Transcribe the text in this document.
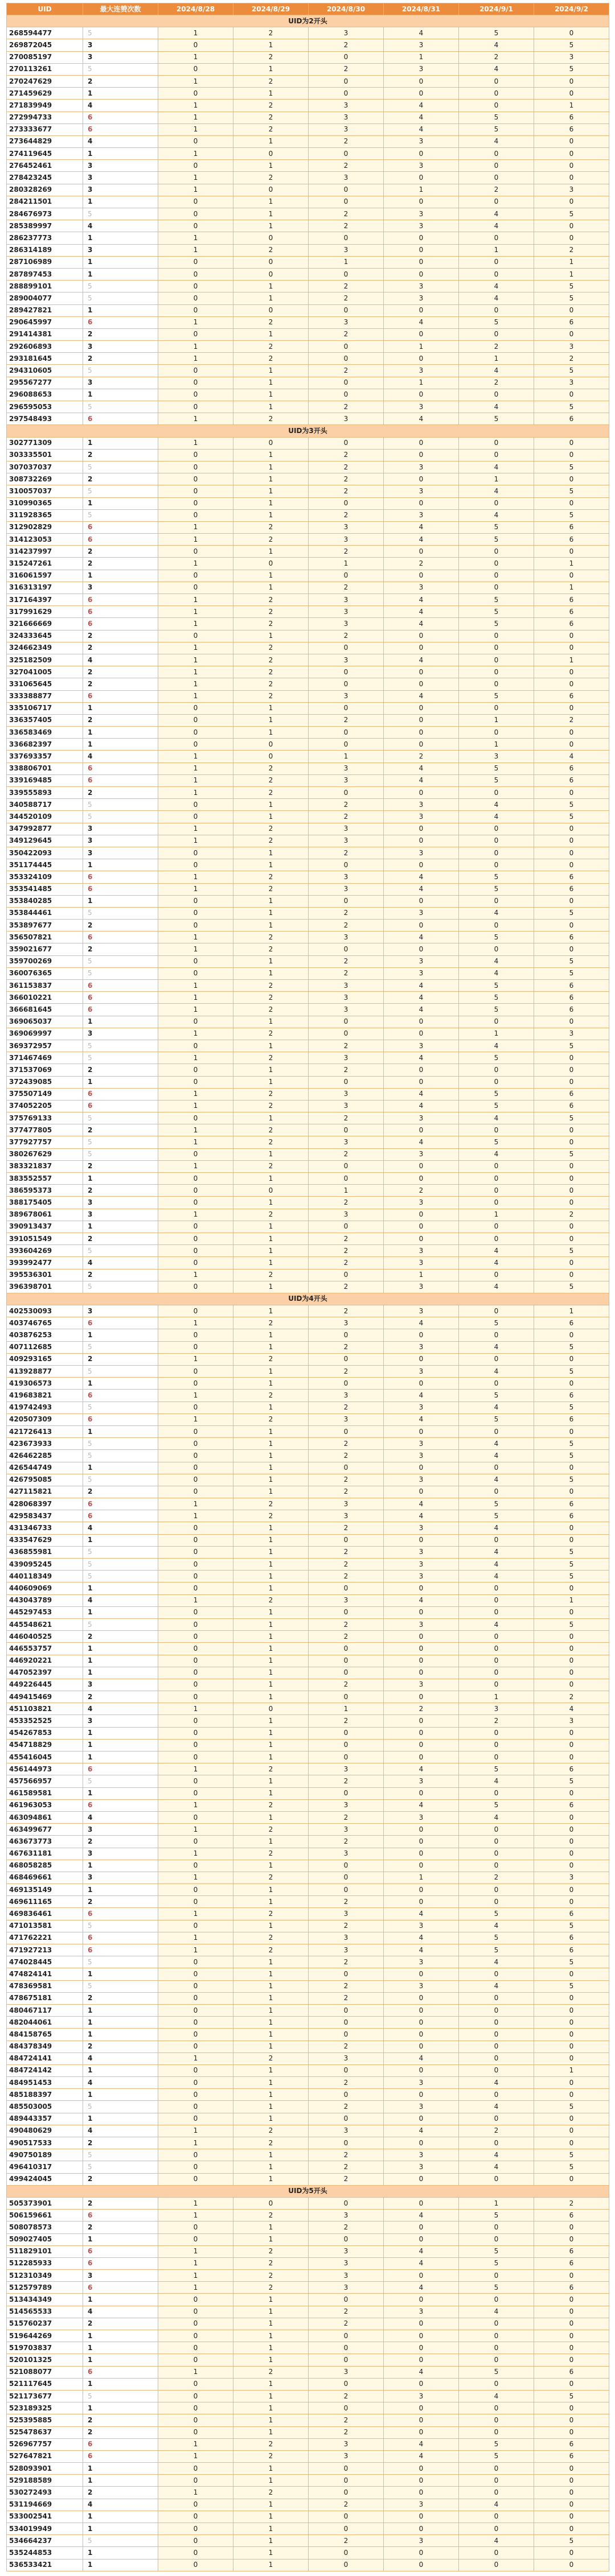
UID	最大连赞次数	2024/8/28	2024/8/29	2024/8/30	2024/8/31	2024/9/1	2024/9/2
UID为2开头							
268594477	5	1	2	3	4	5	0
269872045	3	0	1	2	3	4	5
270085197	3	1	2	0	1	2	3
270113261	5	0	1	2	3	4	5
270247629	2	1	2	0	0	0	0
271459629	1	0	1	0	0	0	0
271839949	4	1	2	3	4	0	1
272994733	6	1	2	3	4	5	6
273333677	6	1	2	3	4	5	6
273644829	4	0	1	2	3	4	0
274119645	1	1	0	0	0	0	0
276452461	3	0	1	2	3	0	0
278423245	3	1	2	3	0	0	0
280328269	3	1	0	0	1	2	3
284211501	1	0	1	0	0	0	0
284676973	5	0	1	2	3	4	5
285389997	4	0	1	2	3	4	0
286237773	1	1	0	0	0	0	0
286314189	3	1	2	3	0	1	2
287106989	1	0	0	1	0	0	1
287897453	1	0	0	0	0	0	1
288899101	5	0	1	2	3	4	5
289004077	5	0	1	2	3	4	5
289427821	1	0	0	0	0	0	0
290645997	6	1	2	3	4	5	6
291414381	2	0	1	2	0	0	0
292606893	3	1	2	0	1	2	3
293181645	2	1	2	0	0	1	2
294310605	5	0	1	2	3	4	5
295567277	3	0	1	0	1	2	3
296088653	1	0	1	0	0	0	0
296595053	5	0	1	2	3	4	5
297548493	6	1	2	3	4	5	6
UID为3开头							
302771309	1	1	0	0	0	0	0
303335501	2	0	1	2	0	0	0
307037037	5	0	1	2	3	4	5
308732269	2	0	1	2	0	1	0
310057037	5	0	1	2	3	4	5
310990365	1	0	1	0	0	0	0
311928365	5	0	1	2	3	4	5
312902829	6	1	2	3	4	5	6
314123053	6	1	2	3	4	5	6
314237997	2	0	1	2	0	0	0
315247261	2	1	0	1	2	0	1
316061597	1	0	1	0	0	0	0
316313197	3	0	1	2	3	0	1
317164397	6	1	2	3	4	5	6
317991629	6	1	2	3	4	5	6
321666669	6	1	2	3	4	5	6
324333645	2	0	1	2	0	0	0
324662349	2	1	2	0	0	0	0
325182509	4	1	2	3	4	0	1
327041005	2	1	2	0	0	0	0
331065645	2	1	2	0	0	0	0
333388877	6	1	2	3	4	5	6
335106717	1	0	1	0	0	0	0
336357405	2	0	1	2	0	1	2
336583469	1	0	1	0	0	0	0
336682397	1	0	0	0	0	1	0
337693357	4	1	0	1	2	3	4
338806701	6	1	2	3	4	5	6
339169485	6	1	2	3	4	5	6
339555893	2	1	2	0	0	0	0
340588717	5	0	1	2	3	4	5
344520109	5	0	1	2	3	4	5
347992877	3	1	2	3	0	0	0
349129645	3	1	2	3	0	0	0
350422093	3	0	1	2	3	0	0
351174445	1	0	1	0	0	0	0
353324109	6	1	2	3	4	5	6
353541485	6	1	2	3	4	5	6
353840285	1	0	1	0	0	0	0
353844461	5	0	1	2	3	4	5
353897677	2	0	1	2	0	0	0
356507821	6	1	2	3	4	5	6
359021677	2	1	2	0	0	0	0
359700269	5	0	1	2	3	4	5
360076365	5	0	1	2	3	4	5
361153837	6	1	2	3	4	5	6
366010221	6	1	2	3	4	5	6
366681645	6	1	2	3	4	5	6
369065037	1	0	1	0	0	0	0
369069997	3	1	2	0	0	1	3
369372957	5	0	1	2	3	4	5
371467469	5	1	2	3	4	5	0
371537069	2	0	1	2	0	0	0
372439085	1	0	1	0	0	0	0
375507149	6	1	2	3	4	5	6
374052205	6	1	2	3	4	5	6
375769133	5	0	1	2	3	4	5
377477805	2	1	2	0	0	0	0
377927757	5	1	2	3	4	5	0
380267629	5	0	1	2	3	4	5
383321837	2	1	2	0	0	0	0
383552557	1	0	1	0	0	0	0
386595373	2	0	0	1	2	0	0
388175405	3	0	1	2	3	0	0
389678061	3	1	2	3	0	1	2
390913437	1	0	1	0	0	0	0
391051549	2	0	1	2	0	0	0
393604269	5	0	1	2	3	4	5
393992477	4	0	1	2	3	4	0
395536301	2	1	2	0	1	0	0
396398701	5	0	1	2	3	4	5
UID为4开头							
402530093	3	0	1	2	3	0	1
403746765	6	1	2	3	4	5	6
403876253	1	0	1	0	0	0	0
407112685	5	0	1	2	3	4	5
409293165	2	1	2	0	0	0	0
413928877	5	0	1	2	3	4	5
419306573	1	0	1	0	0	0	0
419683821	6	1	2	3	4	5	6
419742493	5	0	1	2	3	4	5
420507309	6	1	2	3	4	5	6
421726413	1	0	1	0	0	0	0
423673933	5	0	1	2	3	4	5
426462285	5	0	1	2	3	4	5
426544749	1	0	1	0	0	0	0
426795085	5	0	1	2	3	4	5
427115821	2	0	1	2	0	0	0
428068397	6	1	2	3	4	5	6
429583437	6	1	2	3	4	5	6
431346733	4	0	1	2	3	4	0
433547629	1	0	1	0	0	0	0
436855981	5	0	1	2	3	4	5
439095245	5	0	1	2	3	4	5
440118349	5	0	1	2	3	4	5
440609069	1	0	1	0	0	0	0
443043789	4	1	2	3	4	0	1
445297453	1	0	1	0	0	0	0
445548621	5	0	1	2	3	4	5
446040525	2	0	1	2	0	0	0
446553757	1	0	1	0	0	0	0
446920221	1	0	1	0	0	0	0
447052397	1	0	1	0	0	0	0
449226445	3	0	1	2	3	0	0
449415469	2	0	1	0	0	1	2
451103821	4	1	0	1	2	3	4
453352525	3	0	1	2	0	2	3
454267853	1	0	1	0	0	0	0
454718829	1	0	1	0	0	0	0
455416045	1	0	1	0	0	0	0
456144973	6	1	2	3	4	5	6
457566957	5	0	1	2	3	4	5
461589581	1	0	1	0	0	0	0
461963053	6	1	2	3	4	5	6
463094861	4	0	1	2	3	4	0
463499677	3	1	2	3	0	0	0
463673773	2	0	1	2	0	0	0
467631181	3	1	2	3	0	0	0
468058285	1	0	1	0	0	0	0
468469661	3	1	2	0	1	2	3
469135149	1	0	1	0	0	0	0
469611165	2	0	1	2	0	0	0
469836461	6	1	2	3	4	5	6
471013581	5	0	1	2	3	4	5
471762221	6	1	2	3	4	5	6
471927213	6	1	2	3	4	5	6
474028445	5	0	1	2	3	4	5
474824141	1	0	1	0	0	0	0
478369581	5	0	1	2	3	4	5
478675181	2	0	1	2	0	0	0
480467117	1	0	1	0	0	0	0
482044061	1	0	1	0	0	0	0
484158765	1	0	1	0	0	0	0
484378349	2	0	1	2	0	0	0
484724141	4	1	2	3	4	0	0
484724142	1	0	1	0	0	0	1
484951453	4	0	1	2	3	4	0
485188397	1	0	1	0	0	0	0
485503005	5	0	1	2	3	4	5
489443357	1	0	1	0	0	0	0
490480629	4	1	2	3	4	2	0
490517533	2	1	2	0	0	0	0
490750189	5	0	1	2	3	4	5
496410317	5	0	1	2	3	4	5
499424045	2	0	1	2	0	0	0
UID为5开头							
505373901	2	1	0	0	0	1	2
506159661	6	1	2	3	4	5	6
508078573	2	0	1	2	0	0	0
509027405	1	0	1	0	0	0	0
511829101	6	1	2	3	4	5	6
512285933	6	1	2	3	4	5	6
512310349	3	1	2	3	0	0	0
512579789	6	1	2	3	4	5	6
513434349	1	0	1	0	0	0	0
514565533	4	0	1	2	3	4	0
515760237	2	0	1	2	0	0	0
519644269	1	0	1	0	0	0	0
519703837	1	0	1	0	0	0	0
520101325	1	0	1	0	0	0	0
521088077	6	1	2	3	4	5	6
521117645	1	0	1	0	0	0	0
521173677	5	0	1	2	3	4	5
523189325	1	0	1	0	0	0	0
525395885	2	0	1	2	0	0	0
525478637	2	0	1	2	0	0	0
526967757	6	1	2	3	4	5	6
527647821	6	1	2	3	4	5	6
528093901	1	0	1	0	0	0	0
529188589	1	0	1	0	0	0	0
530272493	2	1	2	0	0	0	0
531194669	4	0	1	2	3	4	0
533002541	1	0	1	0	0	0	0
534019949	1	0	1	0	0	0	0
534664237	5	0	1	2	3	4	5
535244853	1	0	1	0	0	0	0
536533421	1	0	1	0	0	0	0
